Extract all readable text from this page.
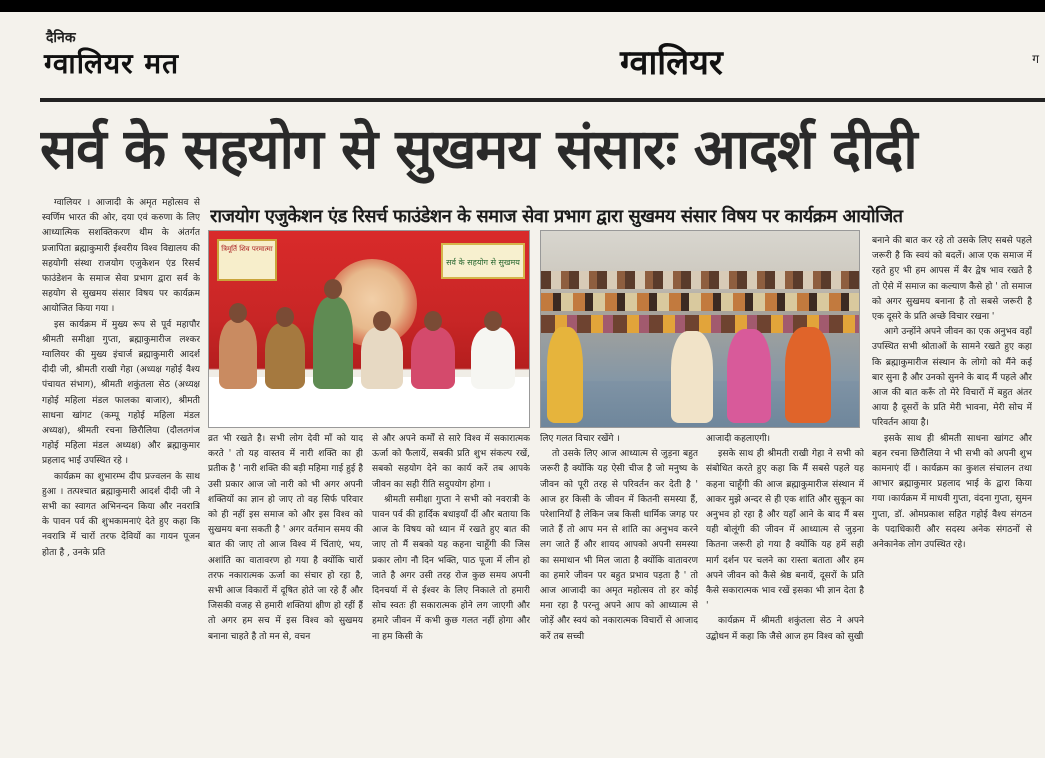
दैनिक
ग्वालियर मत	ग्वालियर	ग
सर्व के सहयोग से सुखमय संसारः आदर्श दीदी
राजयोग एजुकेशन एंड रिसर्च फाउंडेशन के समाज सेवा प्रभाग द्वारा सुखमय संसार विषय पर कार्यक्रम आयोजित

ग्वालियर । आजादी के अमृत महोत्सव से स्वर्णिम भारत की ओर, दया एवं करुणा के लिए आध्यात्मिक सशक्तिकरण थीम के अंतर्गत प्रजापिता ब्रह्माकुमारी ईश्वरीय विश्व विद्यालय की सहयोगी संस्था राजयोग एजुकेशन एंड रिसर्च फाउंडेशन के समाज सेवा प्रभाग द्वारा सर्व के सहयोग से सुखमय संसार विषय पर कार्यक्रम आयोजित किया गया ।

इस कार्यक्रम में मुख्य रूप से पूर्व महापौर श्रीमती समीक्षा गुप्ता, ब्रह्माकुमारीज लश्कर ग्वालियर की मुख्य इंचार्ज ब्रह्माकुमारी आदर्श दीदी जी, श्रीमती राखी गेहा (अध्यक्ष गहोई वैश्य पंचायत संभाग), श्रीमती शकुंतला सेठ (अध्यक्ष गहोई महिला मंडल फालका बाजार), श्रीमती साधना खांगट (कम्पू गहोई महिला मंडल अध्यक्ष), श्रीमती रचना छिरौलिया (दौलतगंज गहोई महिला मंडल अध्यक्ष) और ब्रह्माकुमार प्रहलाद भाई उपस्थित रहे ।

कार्यक्रम का शुभारम्भ दीप प्रज्वलन के साथ हुआ । तत्पश्चात ब्रह्माकुमारी आदर्श दीदी जी ने सभी का स्वागत अभिनन्दन किया और नवरात्रि के पावन पर्व की शुभकामनाएं देते हुए कहा कि नवरात्रि में चारों तरफ देवियों का गायन पूजन होता है , उनके प्रति

त्रिमूर्ति शिव परमात्मा
सर्व के सहयोग से सुखमय

व्रत भी रखते है। सभी लोग देवी माँ को याद करते ' तो यह वास्तव में नारी शक्ति का ही प्रतीक है ' नारी शक्ति की बड़ी महिमा गाई हुई है उसी प्रकार आज जो नारी को भी अगर अपनी शक्तियों का ज्ञान हो जाए तो वह सिर्फ परिवार को ही नहीं इस समाज को और इस विश्व को सुखमय बना सकती है ' अगर वर्तमान समय की बात की जाए तो आज विश्व में चिंताएं, भय, अशांति का वातावरण हो गया है क्योंकि चारों तरफ नकारात्मक ऊर्जा का संचार हो रहा है, सभी आज विकारों में दूषित होते जा रहे हैं और जिसकी वजह से हमारी शक्तियां क्षीण हो रहीं हैं तो अगर हम सच में इस विश्व को सुखमय बनाना चाहते है तो मन से, वचन

से और अपने कर्मों से सारे विश्व में सकारात्मक ऊर्जा को फैलायें, सबकी प्रति शुभ संकल्प रखें, सबको सहयोग देने का कार्य करें तब आपके जीवन का सही रीति सदुपयोग होगा ।

श्रीमती समीक्षा गुप्ता ने सभी को नवरात्री के पावन पर्व की हार्दिक बधाइयाँ दीं और बताया कि आज के विषय को ध्यान में रखते हुए बात की जाए तो मैं सबको यह कहना चाहूँगी की जिस प्रकार लोग नौ दिन भक्ति, पाठ पूजा में लीन हो जाते है अगर उसी तरह रोज कुछ समय अपनी दिनचर्या में से ईश्वर के लिए निकाले तो हमारी सोच स्वतः ही सकारात्मक होने लग जाएगी और हमारे जीवन में कभी कुछ गलत नहीं होगा और ना हम किसी के

लिए गलत विचार रखेंगे ।

तो उसके लिए आज आध्यात्म से जुड़ना बहुत जरूरी है क्योंकि यह ऐसी चीज है जो मनुष्य के जीवन को पूरी तरह से परिवर्तन कर देती है ' आज हर किसी के जीवन में कितनी समस्या हैं, परेशानियाँ है लेकिन जब किसी धार्मिक जगह पर जाते हैं तो आप मन से शांति का अनुभव करने लग जाते हैं और शायद आपको अपनी समस्या का समाधान भी मिल जाता है क्योंकि वातावरण का हमारे जीवन पर बहुत प्रभाव पड़ता है ' तो आज आजादी का अमृत महोत्सव तो हर कोई मना रहा है परन्तु अपने आप को आध्यात्म से जोड़ें और स्वयं को नकारात्मक विचारों से आजाद करें तब सच्ची

आजादी कहलाएगी।

इसके साथ ही श्रीमती राखी गेहा ने सभी को संबोधित करते हुए कहा कि मैं सबसे पहले यह कहना चाहूँगी की आज ब्रह्माकुमारीज संस्थान में आकर मुझे अन्दर से ही एक शांति और सुकून का अनुभव हो रहा है और यहाँ आने के बाद मैं बस यही बोलूंगी की जीवन में आध्यात्म से जुड़ना कितना जरूरी हो गया है क्योंकि यह हमें सही मार्ग दर्शन पर चलने का रास्ता बताता और हम अपने जीवन को कैसे श्रेष्ठ बनायें, दूसरों के प्रति कैसे सकारात्मक भाव रखें इसका भी ज्ञान देता है '

कार्यक्रम में श्रीमती शकुंतला सेठ ने अपने उद्बोधन में कहा कि जैसे आज हम विश्व को सुखी

बनाने की बात कर रहे तो उसके लिए सबसे पहले जरूरी है कि स्वयं को बदलें। आज एक समाज में रहते हुए भी हम आपस में बैर द्वेष भाव रखते है तो ऐसे में समाज का कल्याण कैसे हो ' तो समाज को अगर सुखमय बनाना है तो सबसे जरूरी है एक दूसरे के प्रति अच्छे विचार रखना '

आगे उन्होंने अपने जीवन का एक अनुभव वहाँ उपस्थित सभी श्रोताओं के सामने रखते हुए कहा कि ब्रह्माकुमारीज संस्थान के लोगो को मैंने कई बार सुना है और उनको सुनने के बाद मैं पहले और आज की बात करूँ तो मेरे विचारों में बहुत अंतर आया है दूसरों के प्रति मेरी भावना, मेरी सोच में परिवर्तन आया है।

इसके साथ ही श्रीमती साधना खांगट और बहन रचना छिरौलिया ने भी सभी को अपनी शुभ कामनाएं दीं । कार्यक्रम का कुशल संचालन तथा आभार ब्रह्माकुमार प्रहलाद भाई के द्वारा किया गया ।कार्यक्रम में माधवी गुप्ता, वंदना गुप्ता, सुमन गुप्ता, डॉ. ओमप्रकाश सहित गहोई वैश्य संगठन के पदाधिकारी और सदस्य अनेक संगठनों से अनेकानेक लोग उपस्थित रहे।
